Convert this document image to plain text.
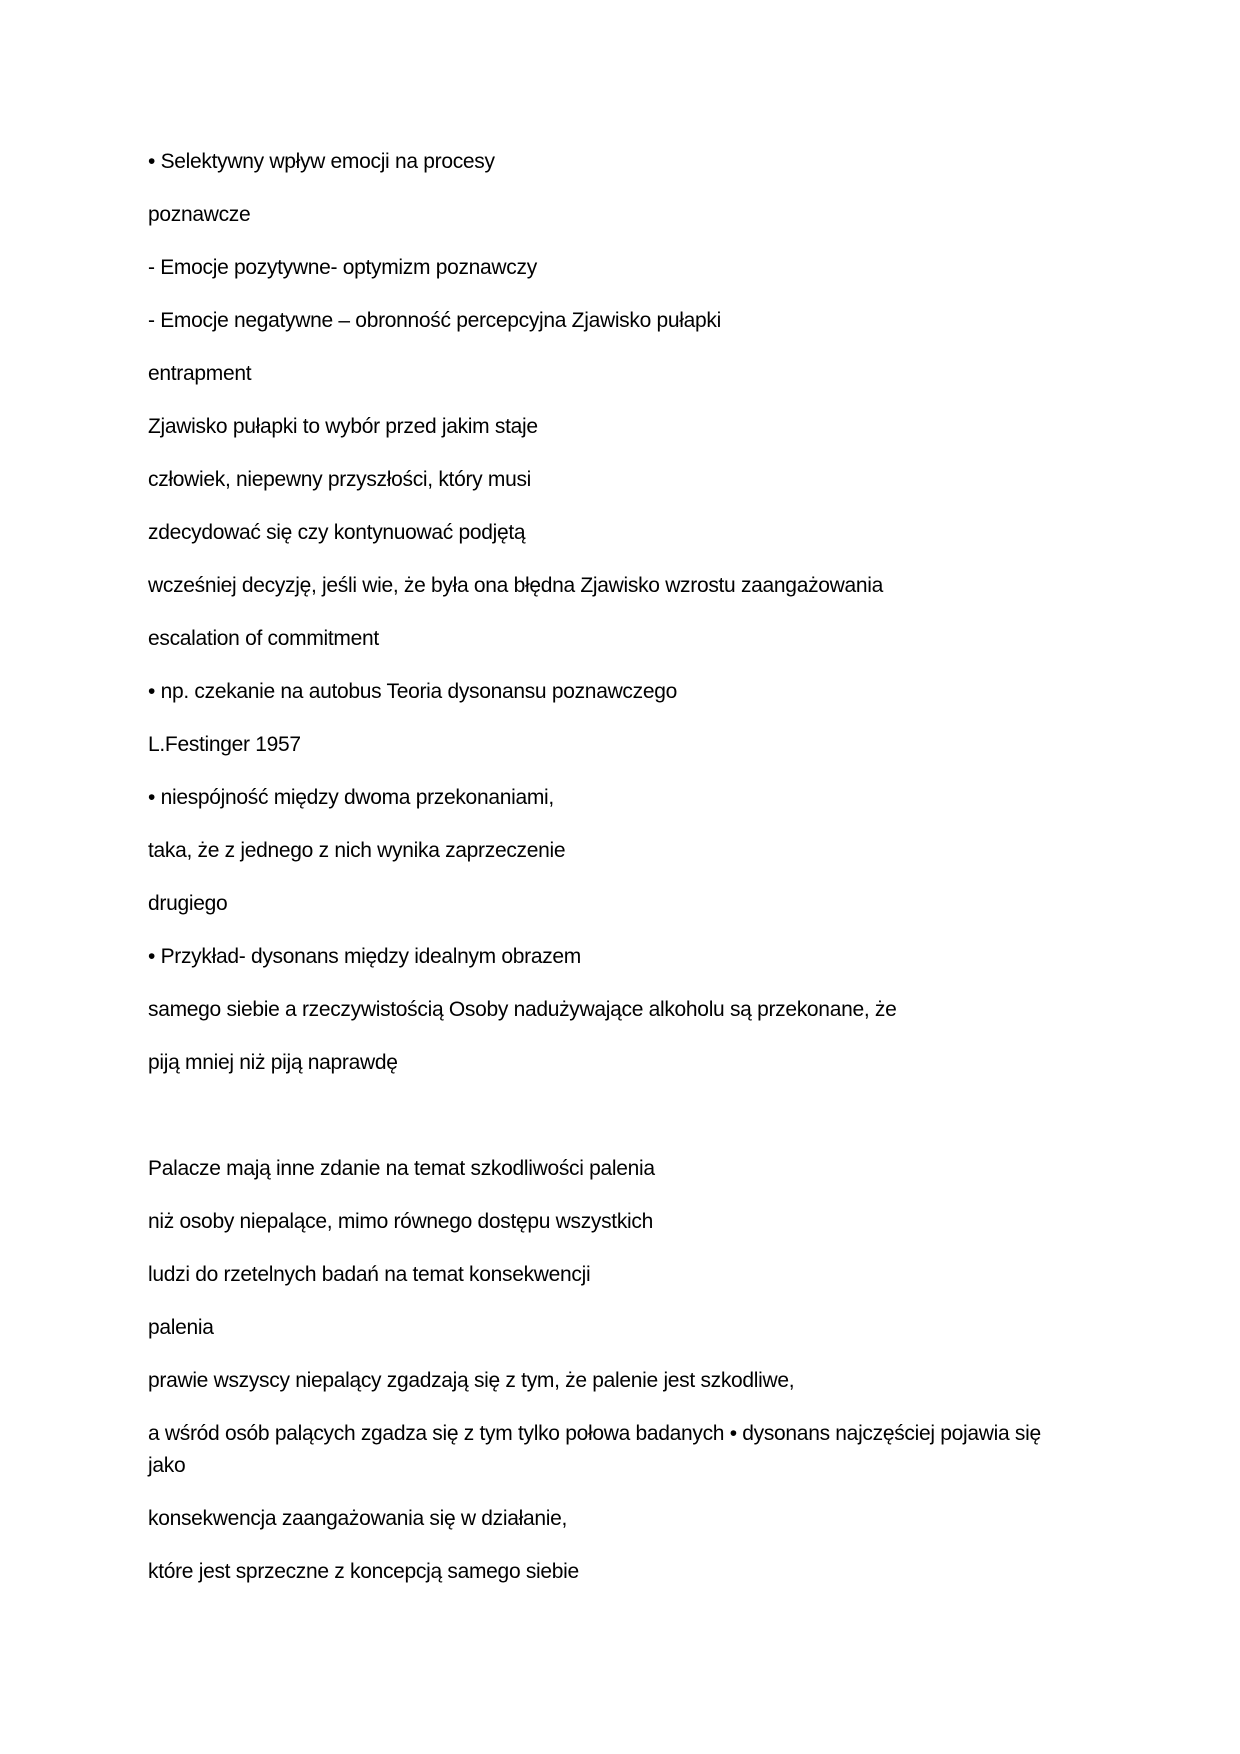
• Selektywny wpływ emocji na procesy

poznawcze

- Emocje pozytywne- optymizm poznawczy

- Emocje negatywne – obronność percepcyjna Zjawisko pułapki

entrapment

Zjawisko pułapki to wybór przed jakim staje

człowiek, niepewny przyszłości, który musi

zdecydować się czy kontynuować podjętą

wcześniej decyzję, jeśli wie, że była ona błędna Zjawisko wzrostu zaangażowania

escalation of commitment

• np. czekanie na autobus Teoria dysonansu poznawczego

L.Festinger 1957

• niespójność między dwoma przekonaniami,

taka, że z jednego z nich wynika zaprzeczenie

drugiego

• Przykład- dysonans między idealnym obrazem

samego siebie a rzeczywistością Osoby nadużywające alkoholu są przekonane, że

piją mniej niż piją naprawdę

Palacze mają inne zdanie na temat szkodliwości palenia

niż osoby niepalące, mimo równego dostępu wszystkich

ludzi do rzetelnych badań na temat konsekwencji

palenia

prawie wszyscy niepalący zgadzają się z tym, że palenie jest szkodliwe,

a wśród osób palących zgadza się z tym tylko połowa badanych • dysonans najczęściej pojawia się jako

konsekwencja zaangażowania się w działanie,

które jest sprzeczne z koncepcją samego siebie
